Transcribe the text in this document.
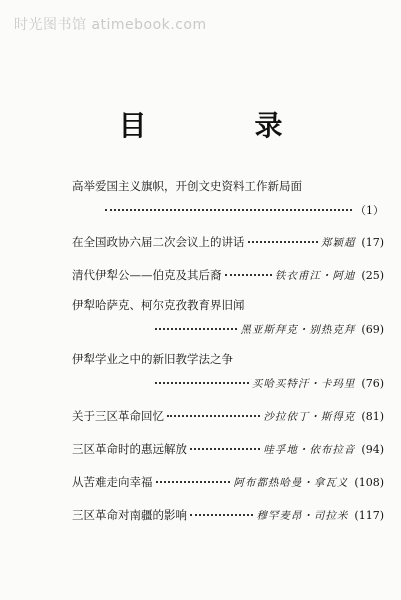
时光图书馆 atimebook.com
目　录
高举爱国主义旗帜，开创文史资料工作新局面
（1）
在全国政协六届二次会议上的讲话	郑颖超 (17)
清代伊犁公——伯克及其后裔	铁衣甫江・阿迪 (25)
伊犁哈萨克、柯尔克孜教育界旧闻
黑亚斯拜克・别热克拜 (69)
伊犁学业之中的新旧教学法之争
买哈买特汗・卡玛里 (76)
关于三区革命回忆	沙拉依丁・斯得克 (81)
三区革命时的惠远解放	哇孚地・依布拉音 (94)
从苦难走向幸福	阿布都热哈曼・拿瓦义 (108)
三区革命对南疆的影响	穆罕麦昂・司拉米 (117)
